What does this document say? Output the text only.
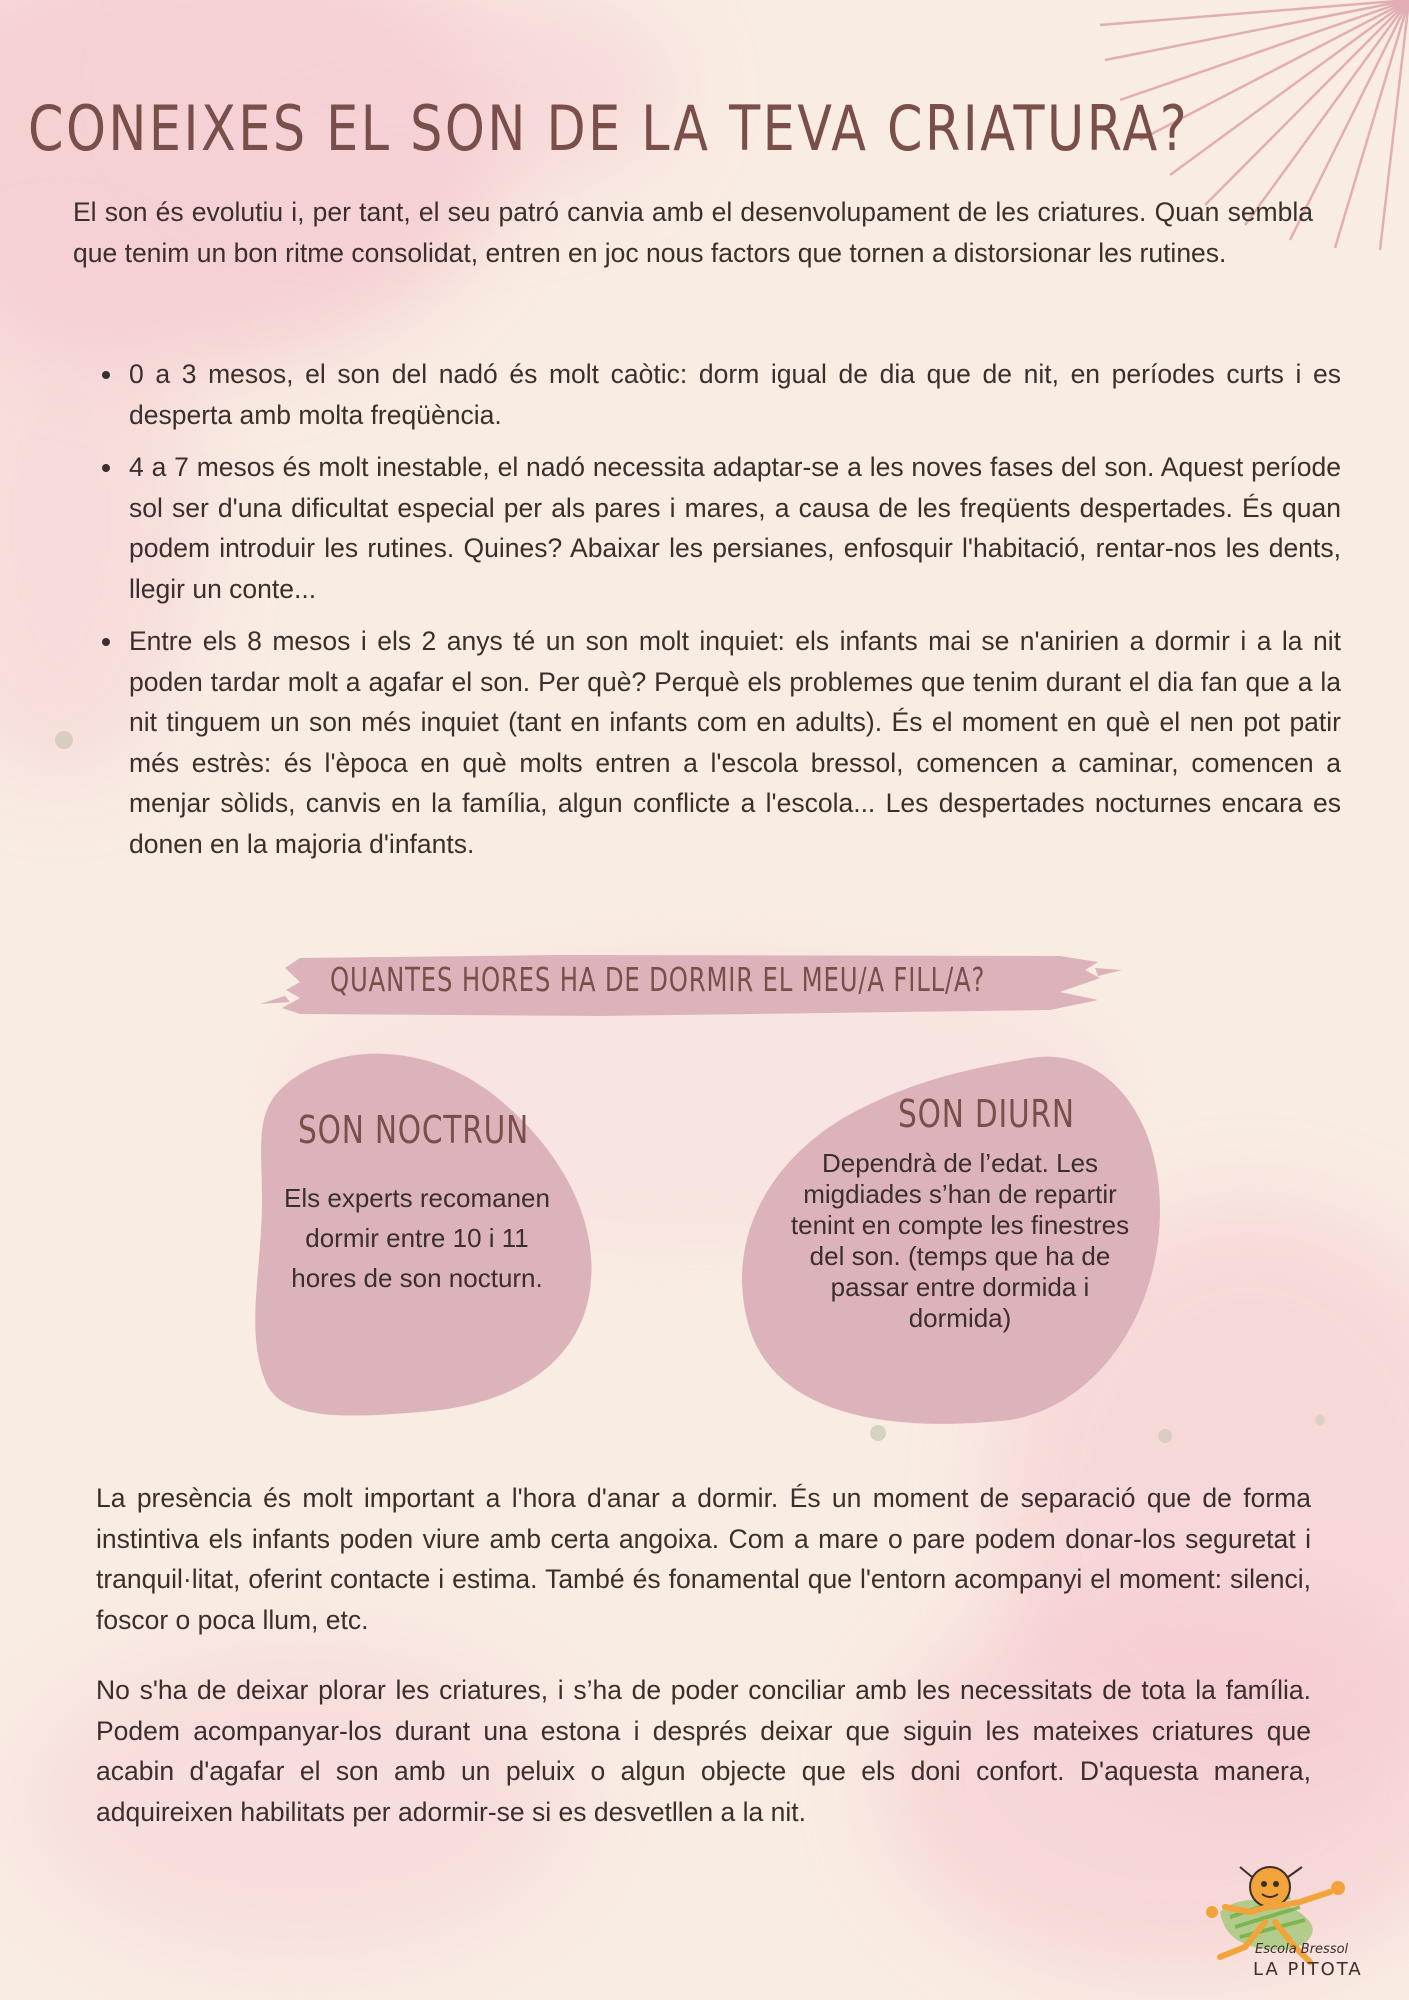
CONEIXES EL SON DE LA TEVA CRIATURA?

El son és evolutiu i, per tant, el seu patró canvia amb el desenvolupament de les criatures. Quan sembla que tenim un bon ritme consolidat, entren en joc nous factors que tornen a distorsionar les rutines.

• 0 a 3 mesos, el son del nadó és molt caòtic: dorm igual de dia que de nit, en períodes curts i es desperta amb molta freqüència.
• 4 a 7 mesos és molt inestable, el nadó necessita adaptar-se a les noves fases del son. Aquest període sol ser d'una dificultat especial per als pares i mares, a causa de les freqüents despertades. És quan podem introduir les rutines. Quines? Abaixar les persianes, enfosquir l'habitació, rentar-nos les dents, llegir un conte...
• Entre els 8 mesos i els 2 anys té un son molt inquiet: els infants mai se n'anirien a dormir i a la nit poden tardar molt a agafar el son. Per què? Perquè els problemes que tenim durant el dia fan que a la nit tinguem un son més inquiet (tant en infants com en adults). És el moment en què el nen pot patir més estrès: és l'època en què molts entren a l'escola bressol, comencen a caminar, comencen a menjar sòlids, canvis en la família, algun conflicte a l'escola... Les despertades nocturnes encara es donen en la majoria d'infants.
QUANTES HORES HA DE DORMIR EL MEU/A FILL/A?
SON NOCTRUN
Els experts recomanen dormir entre 10 i 11 hores de son nocturn.
SON DIURN
Dependrà de l’edat. Les migdiades s’han de repartir tenint en compte les finestres del son. (temps que ha de passar entre dormida i dormida)

La presència és molt important a l'hora d'anar a dormir. És un moment de separació que de forma instintiva els infants poden viure amb certa angoixa. Com a mare o pare podem donar-los seguretat i tranquil·litat, oferint contacte i estima. També és fonamental que l'entorn acompanyi el moment: silenci, foscor o poca llum, etc.

No s'ha de deixar plorar les criatures, i s’ha de poder conciliar amb les necessitats de tota la família. Podem acompanyar-los durant una estona i després deixar que siguin les mateixes criatures que acabin d'agafar el son amb un peluix o algun objecte que els doni confort. D'aquesta manera, adquireixen habilitats per adormir-se si es desvetllen a la nit.

Escola Bressol
LA PITOTA
